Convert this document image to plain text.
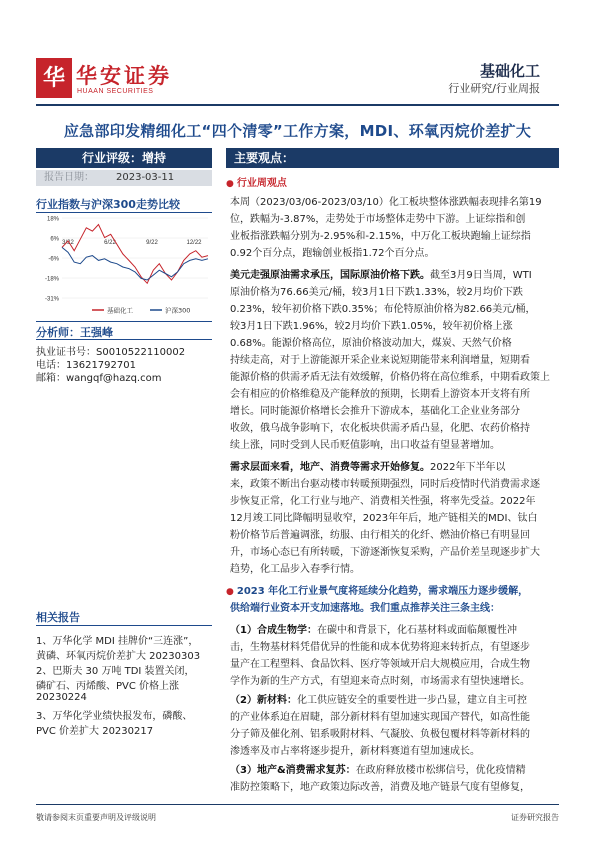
华 华安证券
HUAAN SECURITIES
基础化工
行业研究/行业周报
应急部印发精细化工“四个清零”工作方案，MDI、环氧丙烷价差扩大
行业评级：增持
报告日期： 2023-03-11
行业指数与沪深300走势比较
18%
6%
-6%
-18%
-31%
3/22	6/22	9/22	12/22
基础化工	沪深300
分析师：王强峰
执业证书号：S0010522110002
电话：13621792701
邮箱：wangqf@hazq.com
相关报告
1、万华化学 MDI 挂牌价“三连涨”，
黄磷、环氧丙烷价差扩大 20230303
2、巴斯夫 30 万吨 TDI 装置关闭，
磷矿石、丙烯酸、PVC 价格上涨
20230224
3、万华化学业绩快报发布，磷酸、
PVC 价差扩大 20230217
主要观点：
● 行业周观点
本周（2023/03/06-2023/03/10）化工板块整体涨跌幅表现排名第19
位，跌幅为-3.87%，走势处于市场整体走势中下游。上证综指和创
业板指涨跌幅分别为-2.95%和-2.15%，中万化工板块跑输上证综指
0.92个百分点，跑输创业板指1.72个百分点。
美元走强原油需求承压，国际原油价格下跌。截至3月9日当周，WTI
原油价格为76.66美元/桶，较3月1日下跌1.33%，较2月均价下跌
0.23%，较年初价格下跌0.35%；布伦特原油价格为82.66美元/桶，
较3月1日下跌1.96%，较2月均价下跌1.05%，较年初价格上涨
0.68%。能源价格高位，原油价格波动加大，煤炭、天然气价格
持续走高，对于上游能源开采企业来说短期能带来利润增量，短期看
能源价格的供需矛盾无法有效缓解，价格仍将在高位维系，中期看政策上
会有相应的价格维稳及产能释放的预期，长期看上游资本开支将有所
增长。同时能源价格增长会推升下游成本，基础化工企业业务部分
收敛，俄乌战争影响下，农化板块供需矛盾凸显，化肥、农药价格持
续上涨，同时受到人民币贬值影响，出口收益有望显著增加。
需求层面来看，地产、消费等需求开始修复。2022年下半年以
来，政策不断出台驱动楼市转暖预期强烈，同时后疫情时代消费需求逐
步恢复正常，化工行业与地产、消费相关性强，将率先受益。2022年
12月竣工同比降幅明显收窄，2023年年后，地产链相关的MDI、钛白
粉价格节后普遍调涨，纺服、由行相关的化纤、燃油价格已有明显回
升，市场心态已有所转暖，下游逐渐恢复采购，产品价差呈现逐步扩大
趋势，化工品步入春季行情。
● 2023 年化工行业景气度将延续分化趋势，需求端压力逐步缓解，
供给端行业资本开支加速落地。我们重点推荐关注三条主线：
（1）合成生物学：在碳中和背景下，化石基材料或面临颠覆性冲
击，生物基材料凭借优异的性能和成本优势将迎来转折点，有望逐步
量产在工程塑料、食品饮料、医疗等领域开启大规模应用，合成生物
学作为新的生产方式，有望迎来奇点时刻，市场需求有望快速增长。
（2）新材料：化工供应链安全的重要性进一步凸显，建立自主可控
的产业体系迫在眉睫，部分新材料有望加速实现国产替代，如高性能
分子筛及催化剂、铝系吸附材料、气凝胶、负极包覆材料等新材料的
渗透率及市占率将逐步提升，新材料赛道有望加速成长。
（3）地产&消费需求复苏：在政府释放楼市松绑信号，优化疫情精
准防控策略下，地产政策边际改善，消费及地产链景气度有望修复，
敬请参阅末页重要声明及评级说明	证券研究报告
